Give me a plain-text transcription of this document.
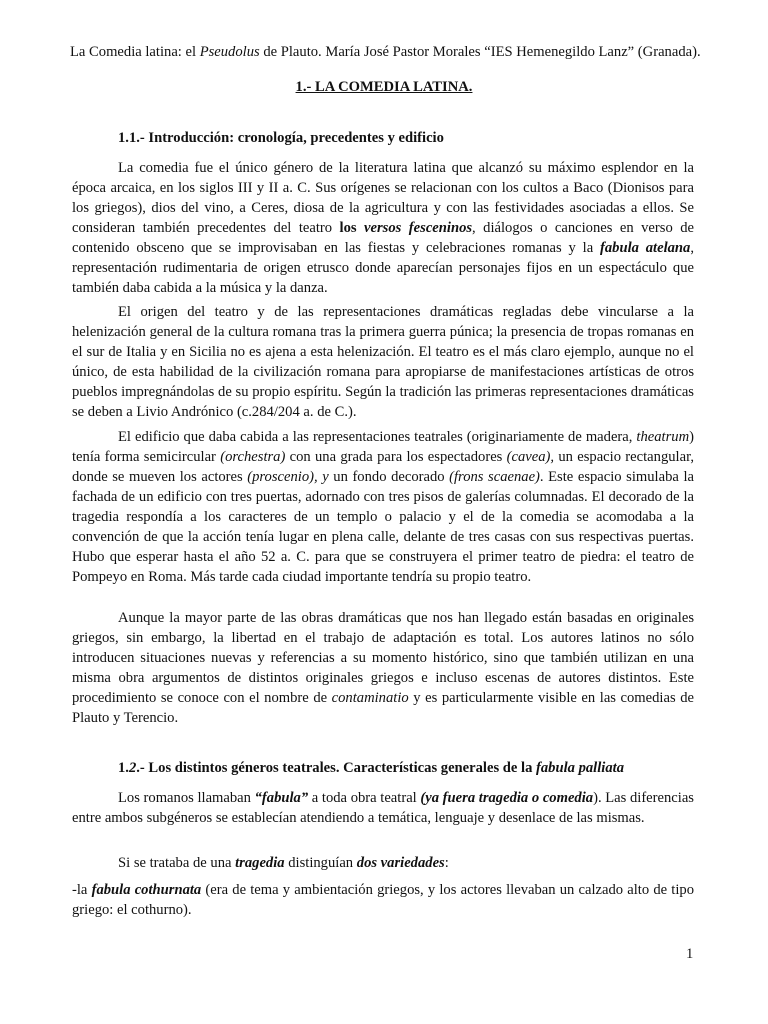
La Comedia latina: el Pseudolus de Plauto. María José Pastor Morales “IES Hemenegildo Lanz” (Granada).
1.- LA COMEDIA LATINA.
1.1.- Introducción: cronología, precedentes y edificio

La comedia fue el único género de la literatura latina que alcanzó su máximo esplendor en la época arcaica, en los siglos III y II a. C. Sus orígenes se relacionan con los cultos a Baco (Dionisos para los griegos), dios del vino, a Ceres, diosa de la agricultura y con las festividades asociadas a ellos. Se consideran también precedentes del teatro los versos fesceninos, diálogos o canciones en verso de contenido obsceno que se improvisaban en las fiestas y celebraciones romanas y la fabula atelana, representación rudimentaria de origen etrusco donde aparecían personajes fijos en un espectáculo que también daba cabida a la música y la danza.

El origen del teatro y de las representaciones dramáticas regladas debe vincularse a la helenización general de la cultura romana tras la primera guerra púnica; la presencia de tropas romanas en el sur de Italia y en Sicilia no es ajena a esta helenización. El teatro es el más claro ejemplo, aunque no el único, de esta habilidad de la civilización romana para apropiarse de manifestaciones artísticas de otros pueblos impregnándolas de su propio espíritu. Según la tradición las primeras representaciones dramáticas se deben a Livio Andrónico (c.284/204 a. de C.).

El edificio que daba cabida a las representaciones teatrales (originariamente de madera, theatrum) tenía forma semicircular (orchestra) con una grada para los espectadores (cavea), un espacio rectangular, donde se mueven los actores (proscenio), y un fondo decorado (frons scaenae). Este espacio simulaba la fachada de un edificio con tres puertas, adornado con tres pisos de galerías columnadas. El decorado de la tragedia respondía a los caracteres de un templo o palacio y el de la comedia se acomodaba a la convención de que la acción tenía lugar en plena calle, delante de tres casas con sus respectivas puertas. Hubo que esperar hasta el año 52 a. C. para que se construyera el primer teatro de piedra: el teatro de Pompeyo en Roma. Más tarde cada ciudad importante tendría su propio teatro.

Aunque la mayor parte de las obras dramáticas que nos han llegado están basadas en originales griegos, sin embargo, la libertad en el trabajo de adaptación es total. Los autores latinos no sólo introducen situaciones nuevas y referencias a su momento histórico, sino que también utilizan en una misma obra argumentos de distintos originales griegos e incluso escenas de autores distintos. Este procedimiento se conoce con el nombre de contaminatio y es particularmente visible en las comedias de Plauto y Terencio.

1.2.- Los distintos géneros teatrales. Características generales de la fabula palliata

Los romanos llamaban “fabula” a toda obra teatral (ya fuera tragedia o comedia). Las diferencias entre ambos subgéneros se establecían atendiendo a temática, lenguaje y desenlace de las mismas.

Si se trataba de una tragedia distinguían dos variedades:

-la fabula cothurnata (era de tema y ambientación griegos, y los actores llevaban un calzado alto de tipo griego: el cothurno).

1
